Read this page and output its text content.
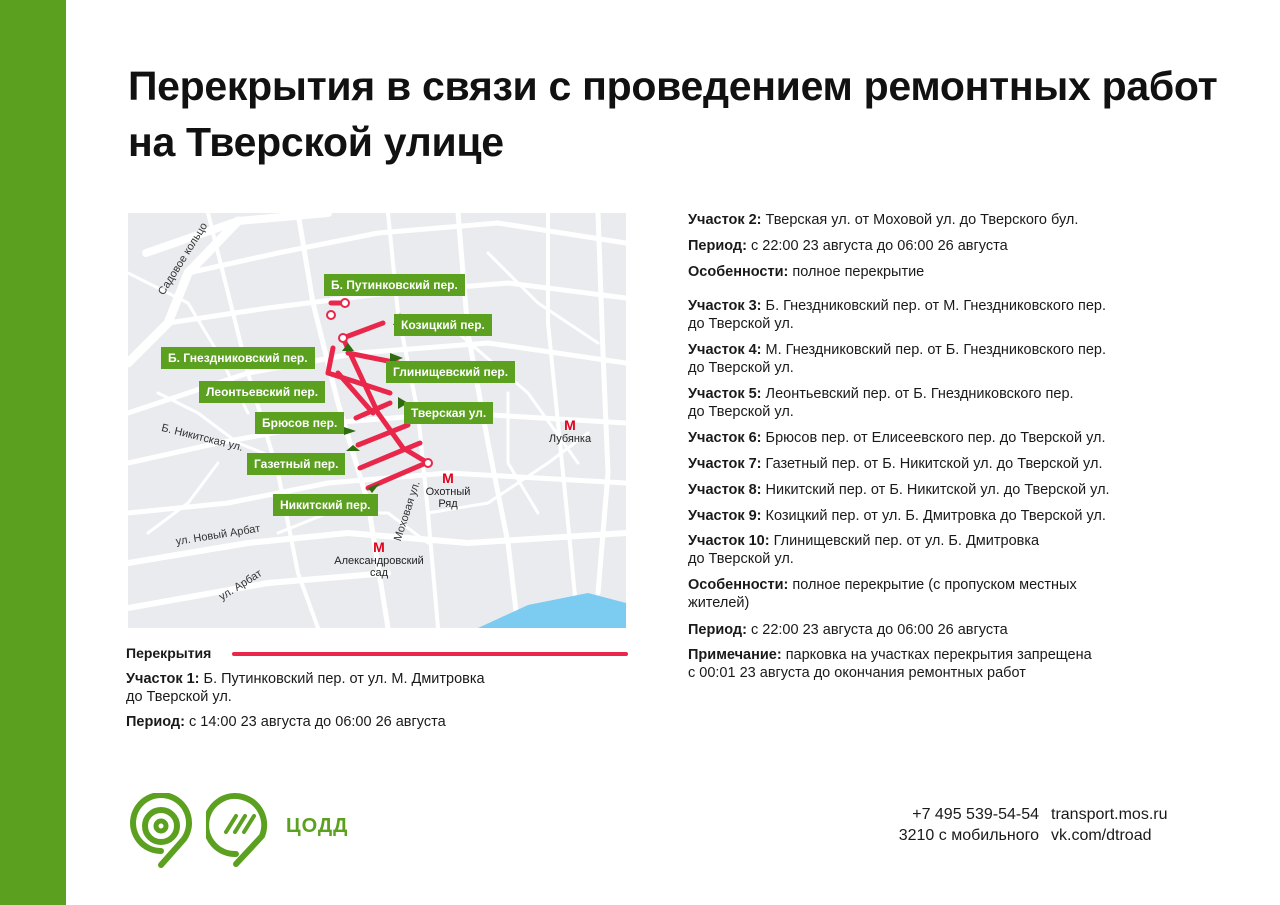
Перекрытия в связи с проведением ремонтных работ на Тверской улице
Б. Путинковский пер.
Козицкий пер.
Б. Гнездниковский пер.
Глинищевский пер.
Леонтьевский пер.
Брюсов пер.
Тверская ул.
Газетный пер.
Никитский пер.
Садовое кольцо
Б. Никитская ул.
Моховая ул.
ул. Новый Арбат
ул. Арбат
М
Лубянка
М
Охотный
Ряд
М
Александровский
сад
Перекрытия
Участок 1: Б. Путинковский пер. от ул. М. Дмитровка
до Тверской ул.
Период: с 14:00 23 августа до 06:00 26 августа
Участок 2: Тверская ул. от Моховой ул. до Тверского бул.
Период: с 22:00 23 августа до 06:00 26 августа
Особенности: полное перекрытие
Участок 3: Б. Гнездниковский пер. от М. Гнездниковского пер.
до Тверской ул.
Участок 4: М. Гнездниковский пер. от Б. Гнездниковского пер.
до Тверской ул.
Участок 5: Леонтьевский пер. от Б. Гнездниковского пер.
до Тверской ул.
Участок 6: Брюсов пер. от Елисеевского пер. до Тверской ул.
Участок 7: Газетный пер. от Б. Никитской ул. до Тверской ул.
Участок 8: Никитский пер. от Б. Никитской ул. до Тверской ул.
Участок 9: Козицкий пер. от ул. Б. Дмитровка до Тверской ул.
Участок 10: Глинищевский пер. от ул. Б. Дмитровка
до Тверской ул.
Особенности: полное перекрытие (с пропуском местных
жителей)
Период: с 22:00 23 августа до 06:00 26 августа
Примечание: парковка на участках перекрытия запрещена
с 00:01 23 августа до окончания ремонтных работ
ЦОДД
+7 495 539-54-54
3210 с мобильного
transport.mos.ru
vk.com/dtroad
